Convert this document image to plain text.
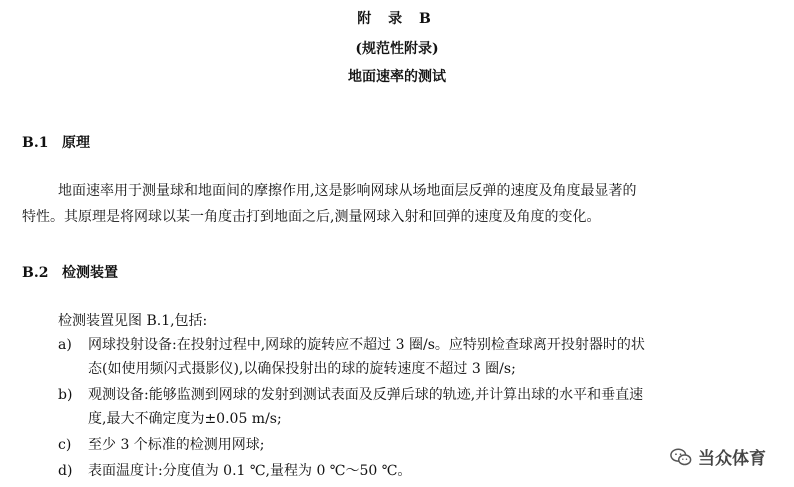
附 录 B
(规范性附录)
地面速率的测试
B.1 原理
地面速率用于测量球和地面间的摩擦作用,这是影响网球从场地面层反弹的速度及角度最显著的
特性。其原理是将网球以某一角度击打到地面之后,测量网球入射和回弹的速度及角度的变化。
B.2 检测装置
检测装置见图 B.1,包括:
a) 网球投射设备:在投射过程中,网球的旋转应不超过 3 圈/s。应特别检查球离开投射器时的状
态(如使用频闪式摄影仪),以确保投射出的球的旋转速度不超过 3 圈/s;
b) 观测设备:能够监测到网球的发射到测试表面及反弹后球的轨迹,并计算出球的水平和垂直速
度,最大不确定度为±0.05 m/s;
c) 至少 3 个标准的检测用网球;
d) 表面温度计:分度值为 0.1 ℃,量程为 0 ℃～50 ℃。
当众体育
